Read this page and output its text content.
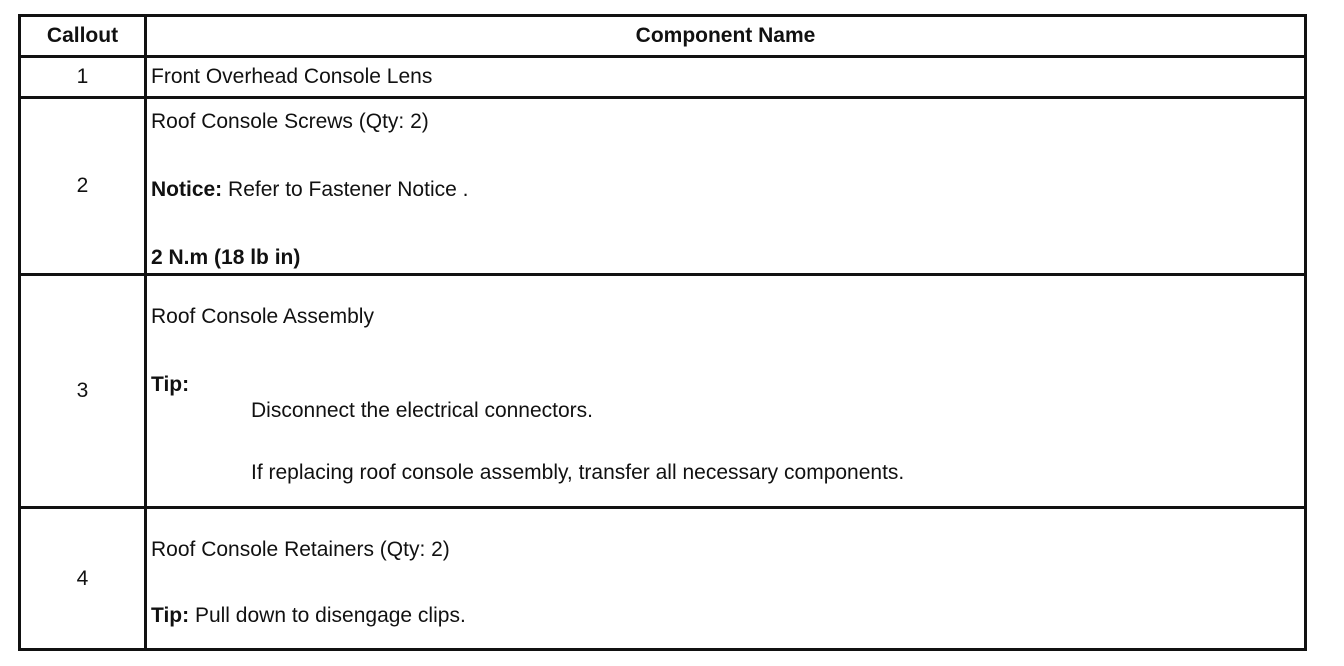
Callout	Component Name
1	Front Overhead Console Lens

2	Roof Console Screws (Qty: 2)
Notice: Refer to Fastener Notice .
2 N.m (18 lb in)

3	Roof Console Assembly
Tip:
Disconnect the electrical connectors.
If replacing roof console assembly, transfer all necessary components.

4	Roof Console Retainers (Qty: 2)
Tip: Pull down to disengage clips.
